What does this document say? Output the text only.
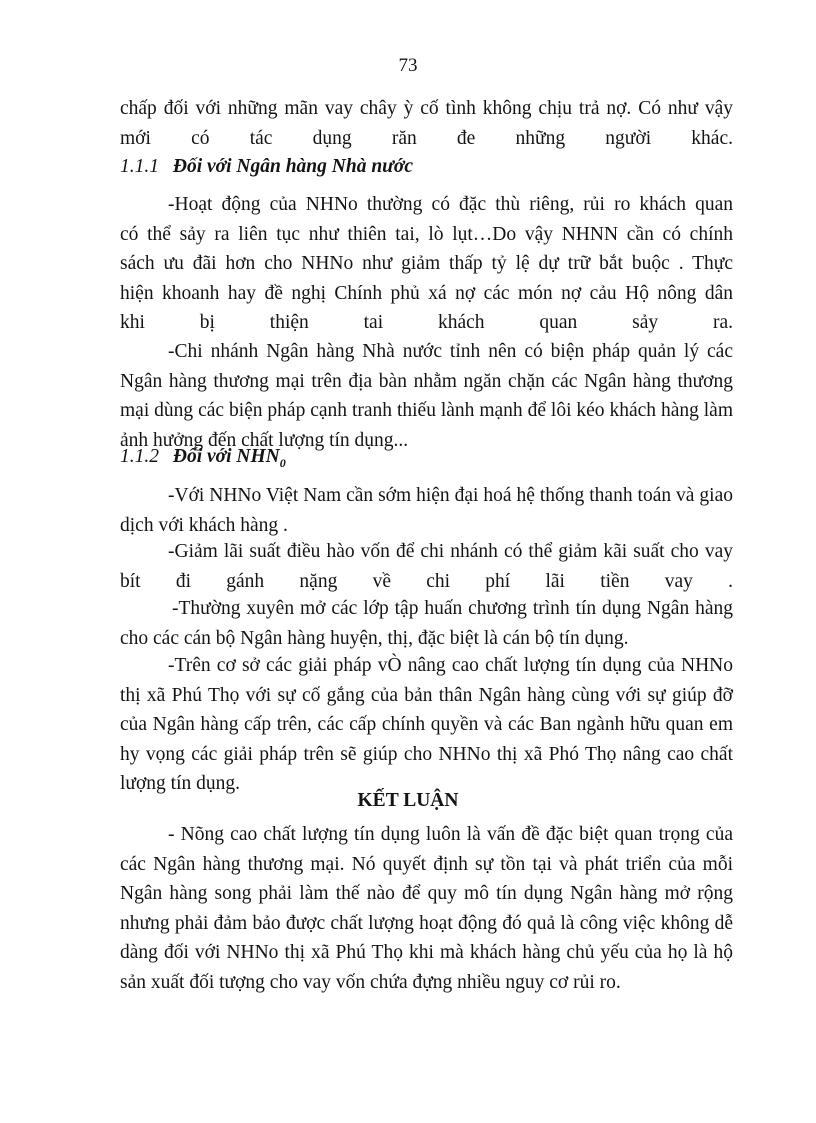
73

chấp đối với những mãn vay chây ỳ cố tình không chịu trả nợ. Có như vậy

mới có tác dụng răn đe những người khác.

1.1.1 Đối với Ngân hàng Nhà nước

-Hoạt động của NHNo thường có đặc thù riêng, rủi ro khách quan

có thể sảy ra liên tục như thiên tai, lò lụt…Do vậy NHNN cần có chính

sách ưu đãi hơn cho NHNo như giảm thấp tỷ lệ dự trữ bắt buộc . Thực

hiện khoanh hay đề nghị Chính phủ xá nợ các món nợ cảu Hộ nông dân

khi bị thiện tai khách quan sảy ra.

-Chi nhánh Ngân hàng Nhà nước tỉnh nên có biện pháp quản lý các Ngân hàng thương mại trên địa bàn nhằm ngăn chặn các Ngân hàng thương mại dùng các biện pháp cạnh tranh thiếu lành mạnh để lôi kéo khách hàng làm ảnh hưởng đến chất lượng tín dụng...

1.1.2 Đối với $NHN_0$

-Với NHNo Việt Nam cần sớm hiện đại hoá hệ thống thanh toán và giao dịch với khách hàng .

-Giảm lãi suất điều hào vốn để chi nhánh có thể giảm kãi suất cho vay bít đi gánh nặng về chi phí lãi tiền vay .

-Thường xuyên mở các lớp tập huấn chương trình tín dụng Ngân hàng cho các cán bộ Ngân hàng huyện, thị, đặc biệt là cán bộ tín dụng.

-Trên cơ sở các giải pháp vÒ nâng cao chất lượng tín dụng của NHNo thị xã Phú Thọ với sự cố gắng của bản thân Ngân hàng cùng với sự giúp đỡ của Ngân hàng cấp trên, các cấp chính quyền và các Ban ngành hữu quan em hy vọng các giải pháp trên sẽ giúp cho NHNo thị xã Phó Thọ nâng cao chất lượng tín dụng.

KẾT LUẬN

- Nõng cao chất lượng tín dụng luôn là vấn đề đặc biệt quan trọng của các Ngân hàng thương mại. Nó quyết định sự tồn tại và phát triển của mỗi Ngân hàng song phải làm thế nào để quy mô tín dụng Ngân hàng mở rộng nhưng phải đảm bảo được chất lượng hoạt động đó quả là công việc không dễ dàng đối với NHNo thị xã Phú Thọ khi mà khách hàng chủ yếu của họ là hộ sản xuất đối tượng cho vay vốn chứa đựng nhiều nguy cơ rủi ro.
